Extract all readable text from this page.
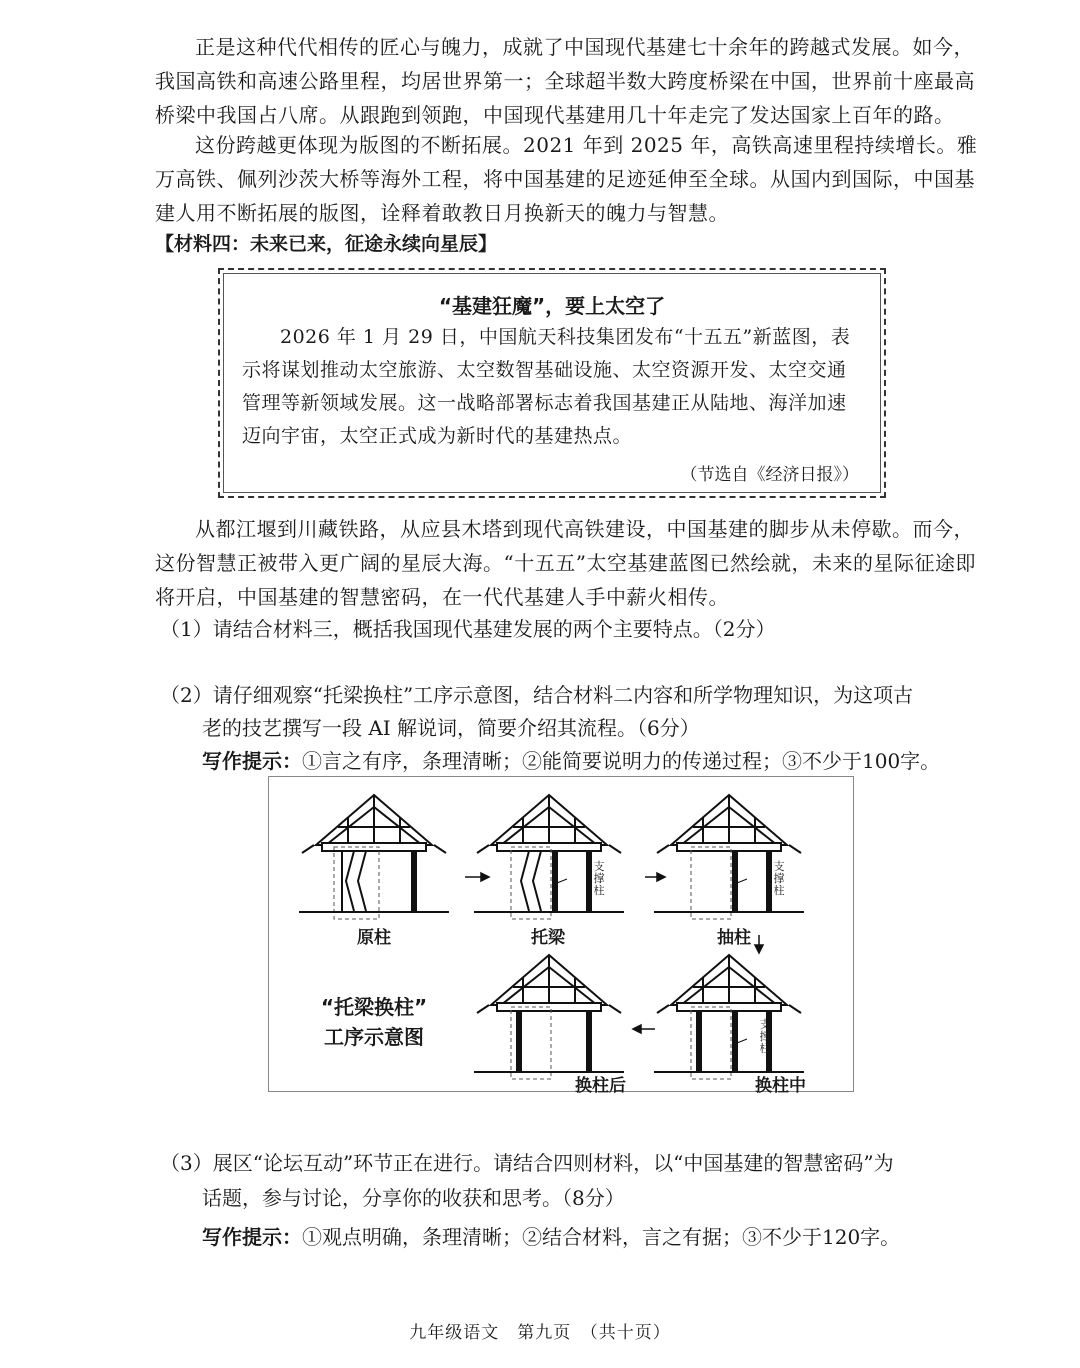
正是这种代代相传的匠心与魄力，成就了中国现代基建七十余年的跨越式发展。如今，我国高铁和高速公路里程，均居世界第一；全球超半数大跨度桥梁在中国，世界前十座最高桥梁中我国占八席。从跟跑到领跑，中国现代基建用几十年走完了发达国家上百年的路。
这份跨越更体现为版图的不断拓展。2021 年到 2025 年，高铁高速里程持续增长。雅万高铁、佩列沙茨大桥等海外工程，将中国基建的足迹延伸至全球。从国内到国际，中国基建人用不断拓展的版图，诠释着敢教日月换新天的魄力与智慧。
【材料四：未来已来，征途永续向星辰】
“基建狂魔”，要上太空了
2026 年 1 月 29 日，中国航天科技集团发布“十五五”新蓝图，表示将谋划推动太空旅游、太空数智基础设施、太空资源开发、太空交通管理等新领域发展。这一战略部署标志着我国基建正从陆地、海洋加速迈向宇宙，太空正式成为新时代的基建热点。
（节选自《经济日报》）
从都江堰到川藏铁路，从应县木塔到现代高铁建设，中国基建的脚步从未停歇。而今，这份智慧正被带入更广阔的星辰大海。“十五五”太空基建蓝图已然绘就，未来的星际征途即将开启，中国基建的智慧密码，在一代代基建人手中薪火相传。
（1）请结合材料三，概括我国现代基建发展的两个主要特点。（2分）
（2）请仔细观察“托梁换柱”工序示意图，结合材料二内容和所学物理知识，为这项古
老的技艺撰写一段 AI 解说词，简要介绍其流程。（6分）
写作提示：①言之有序，条理清晰；②能简要说明力的传递过程；③不少于100字。
支撑柱
支撑柱
支撑柱
原柱	托梁	抽柱
换柱中
换柱后
“托梁换柱”
工序示意图
（3）展区“论坛互动”环节正在进行。请结合四则材料，以“中国基建的智慧密码”为
话题，参与讨论，分享你的收获和思考。（8分）
写作提示：①观点明确，条理清晰；②结合材料，言之有据；③不少于120字。
九年级语文　第九页　（共十页）
